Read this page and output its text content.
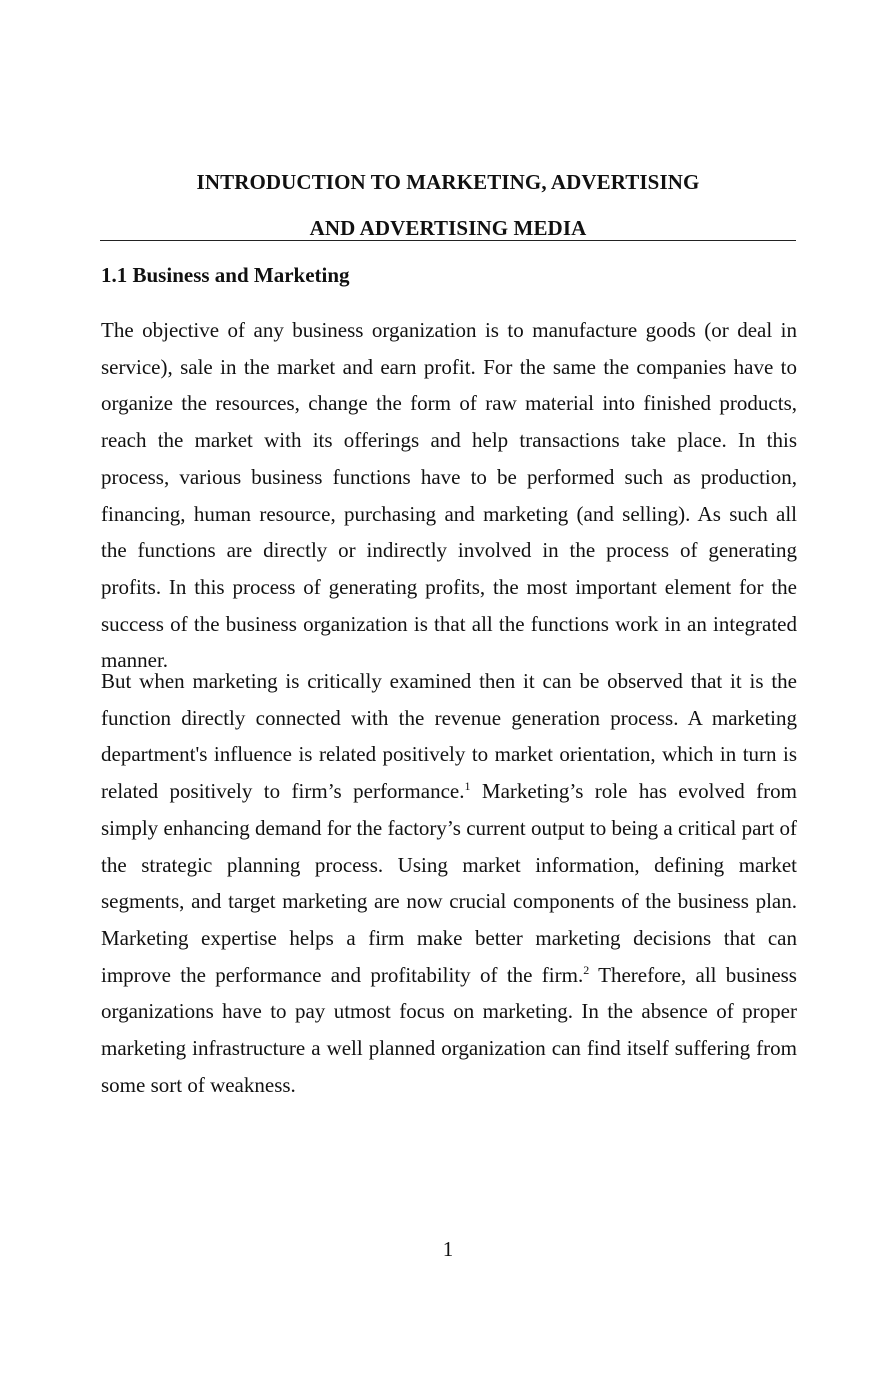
INTRODUCTION TO MARKETING, ADVERTISING
AND ADVERTISING MEDIA
1.1 Business and Marketing

The objective of any business organization is to manufacture goods (or deal in service), sale in the market and earn profit. For the same the companies have to organize the resources, change the form of raw material into finished products, reach the market with its offerings and help transactions take place. In this process, various business functions have to be performed such as production, financing, human resource, purchasing and marketing (and selling). As such all the functions are directly or indirectly involved in the process of generating profits. In this process of generating profits, the most important element for the success of the business organization is that all the functions work in an integrated manner.

But when marketing is critically examined then it can be observed that it is the function directly connected with the revenue generation process. A marketing department's influence is related positively to market orientation, which in turn is related positively to firm’s performance.$^1$ Marketing’s role has evolved from simply enhancing demand for the factory’s current output to being a critical part of the strategic planning process. Using market information, defining market segments, and target marketing are now crucial components of the business plan. Marketing expertise helps a firm make better marketing decisions that can improve the performance and profitability of the firm.$^2$ Therefore, all business organizations have to pay utmost focus on marketing. In the absence of proper marketing infrastructure a well planned organization can find itself suffering from some sort of weakness.

1
